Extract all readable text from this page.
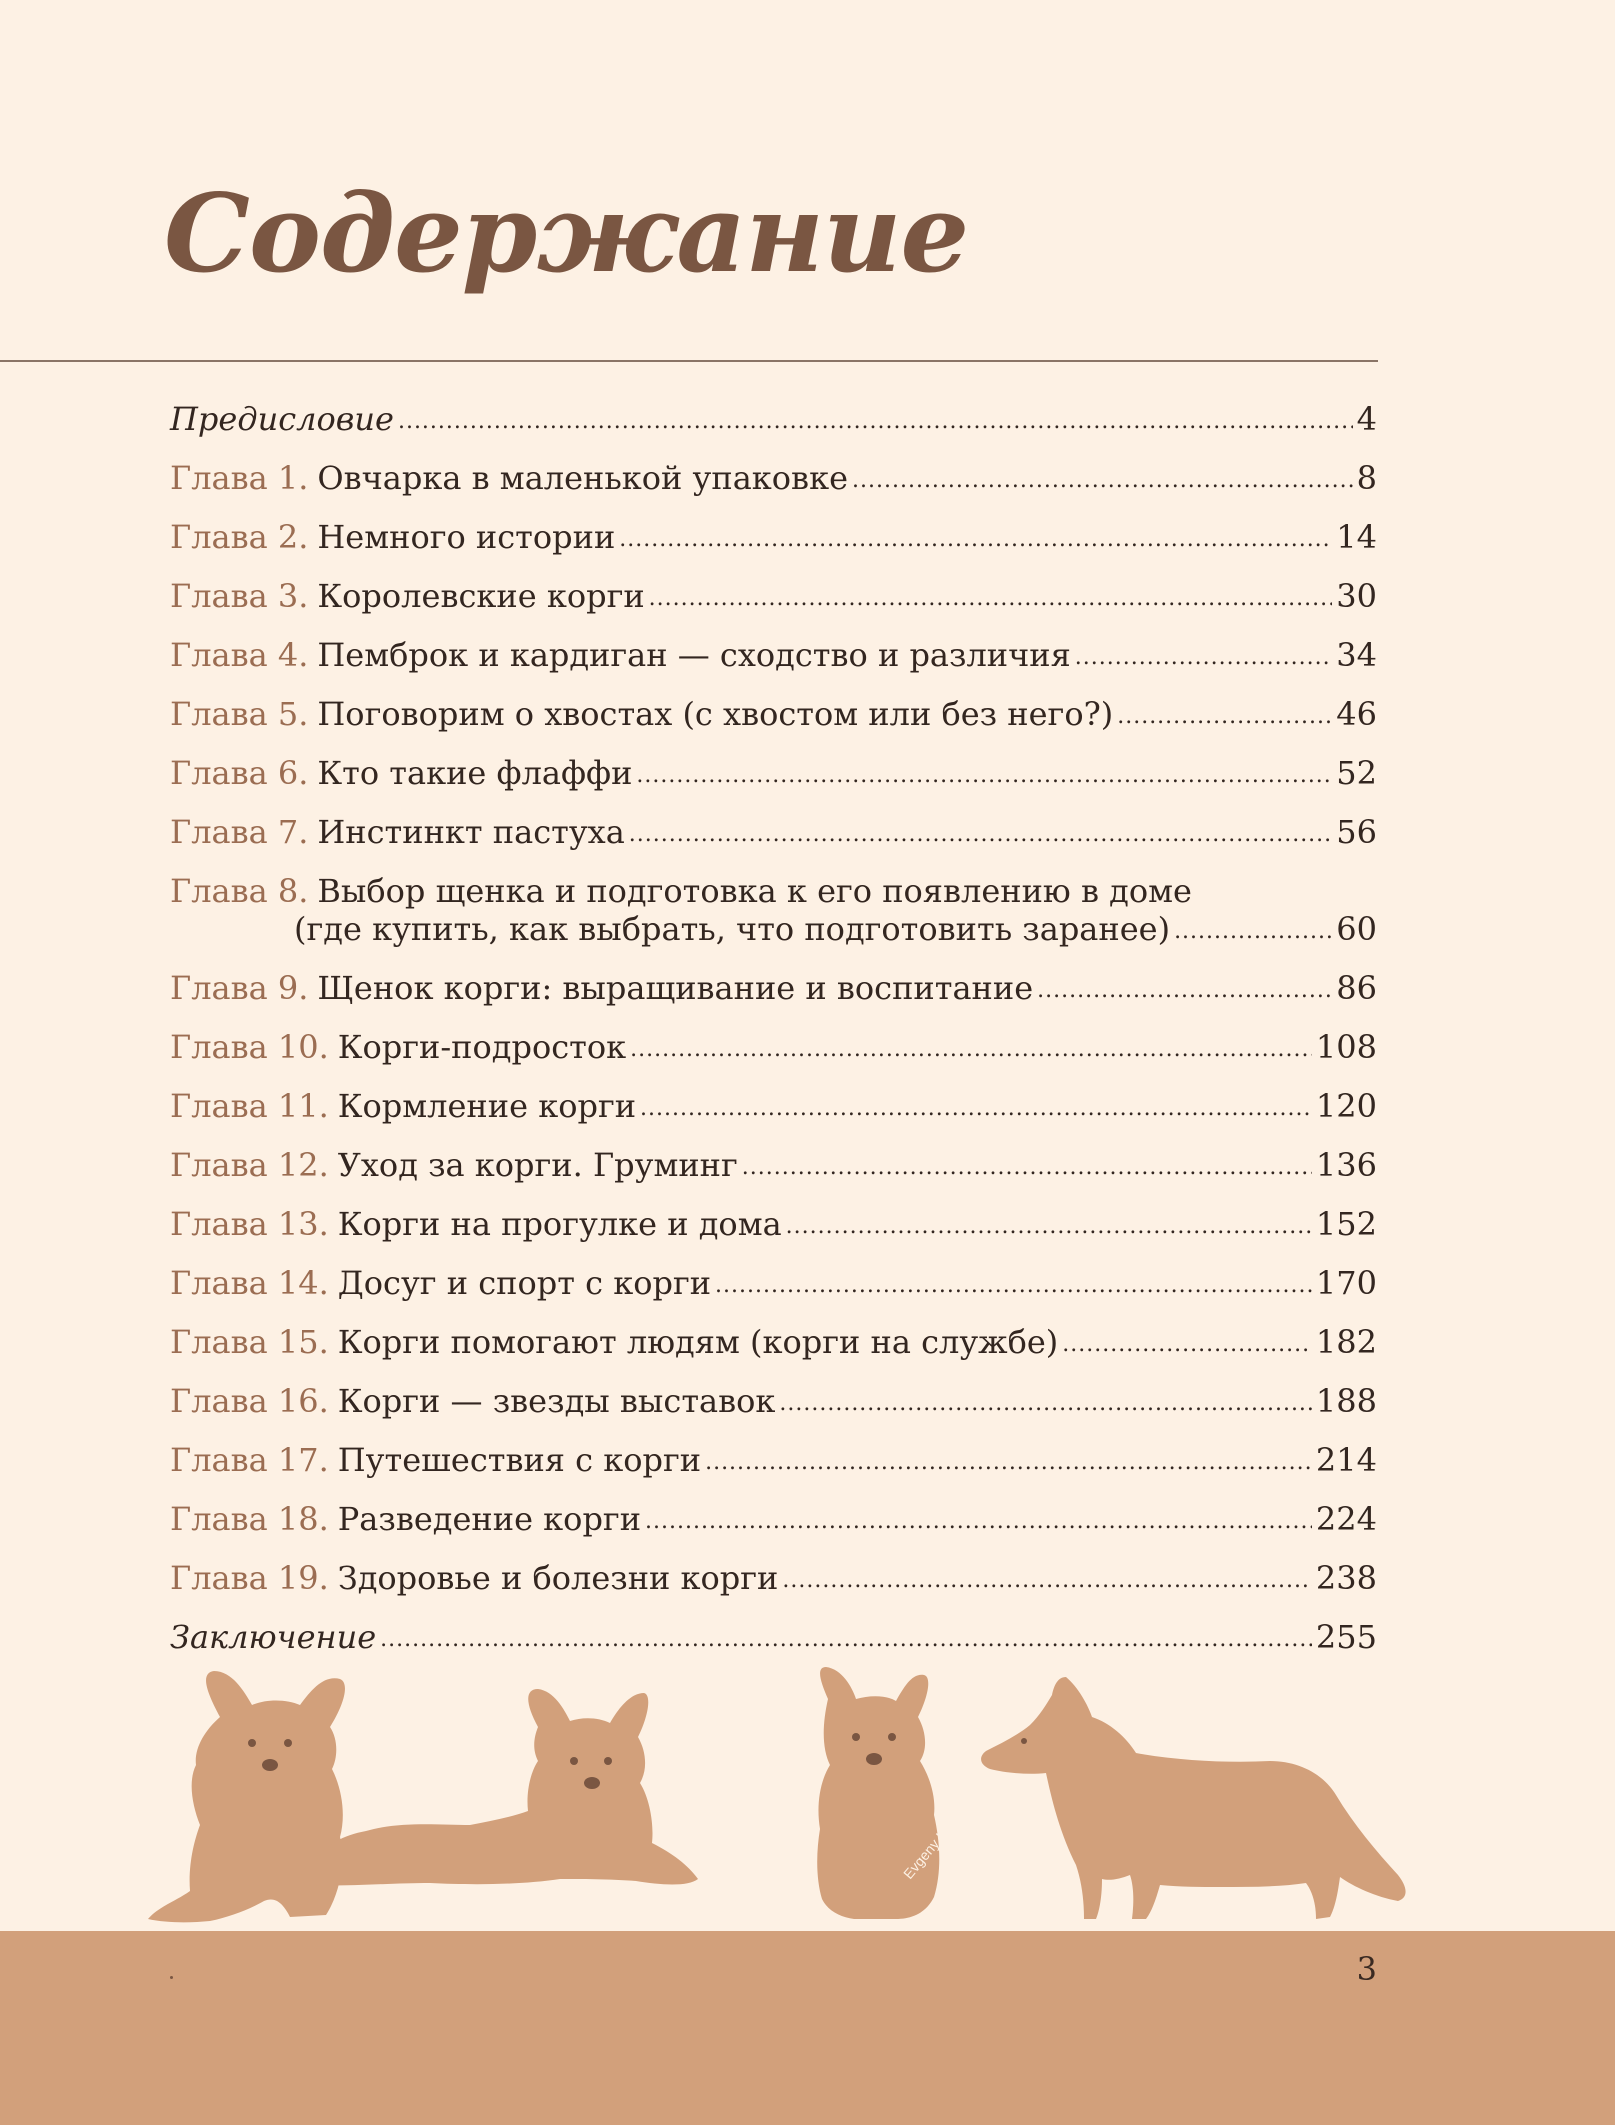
Содержание
Предисловие .....	4
Глава 1. Овчарка в маленькой упаковке .....	8
Глава 2. Немного истории .....	14
Глава 3. Королевские корги .....	30
Глава 4. Пемброк и кардиган — сходство и различия .....	34
Глава 5. Поговорим о хвостах (с хвостом или без него?) .....	46
Глава 6. Кто такие флаффи .....	52
Глава 7. Инстинкт пастуха .....	56
Глава 8. Выбор щенка и подготовка к его появлению в доме
(где купить, как выбрать, что подготовить заранее) .....	60
Глава 9. Щенок корги: выращивание и воспитание .....	86
Глава 10. Корги-подросток .....	108
Глава 11. Кормление корги .....	120
Глава 12. Уход за корги. Груминг .....	136
Глава 13. Корги на прогулке и дома .....	152
Глава 14. Досуг и спорт с корги .....	170
Глава 15. Корги помогают людям (корги на службе) .....	182
Глава 16. Корги — звезды выставок .....	188
Глава 17. Путешествия с корги .....	214
Глава 18. Разведение корги .....	224
Глава 19. Здоровье и болезни корги .....	238
Заключение .....	255
Evgeny K
3
